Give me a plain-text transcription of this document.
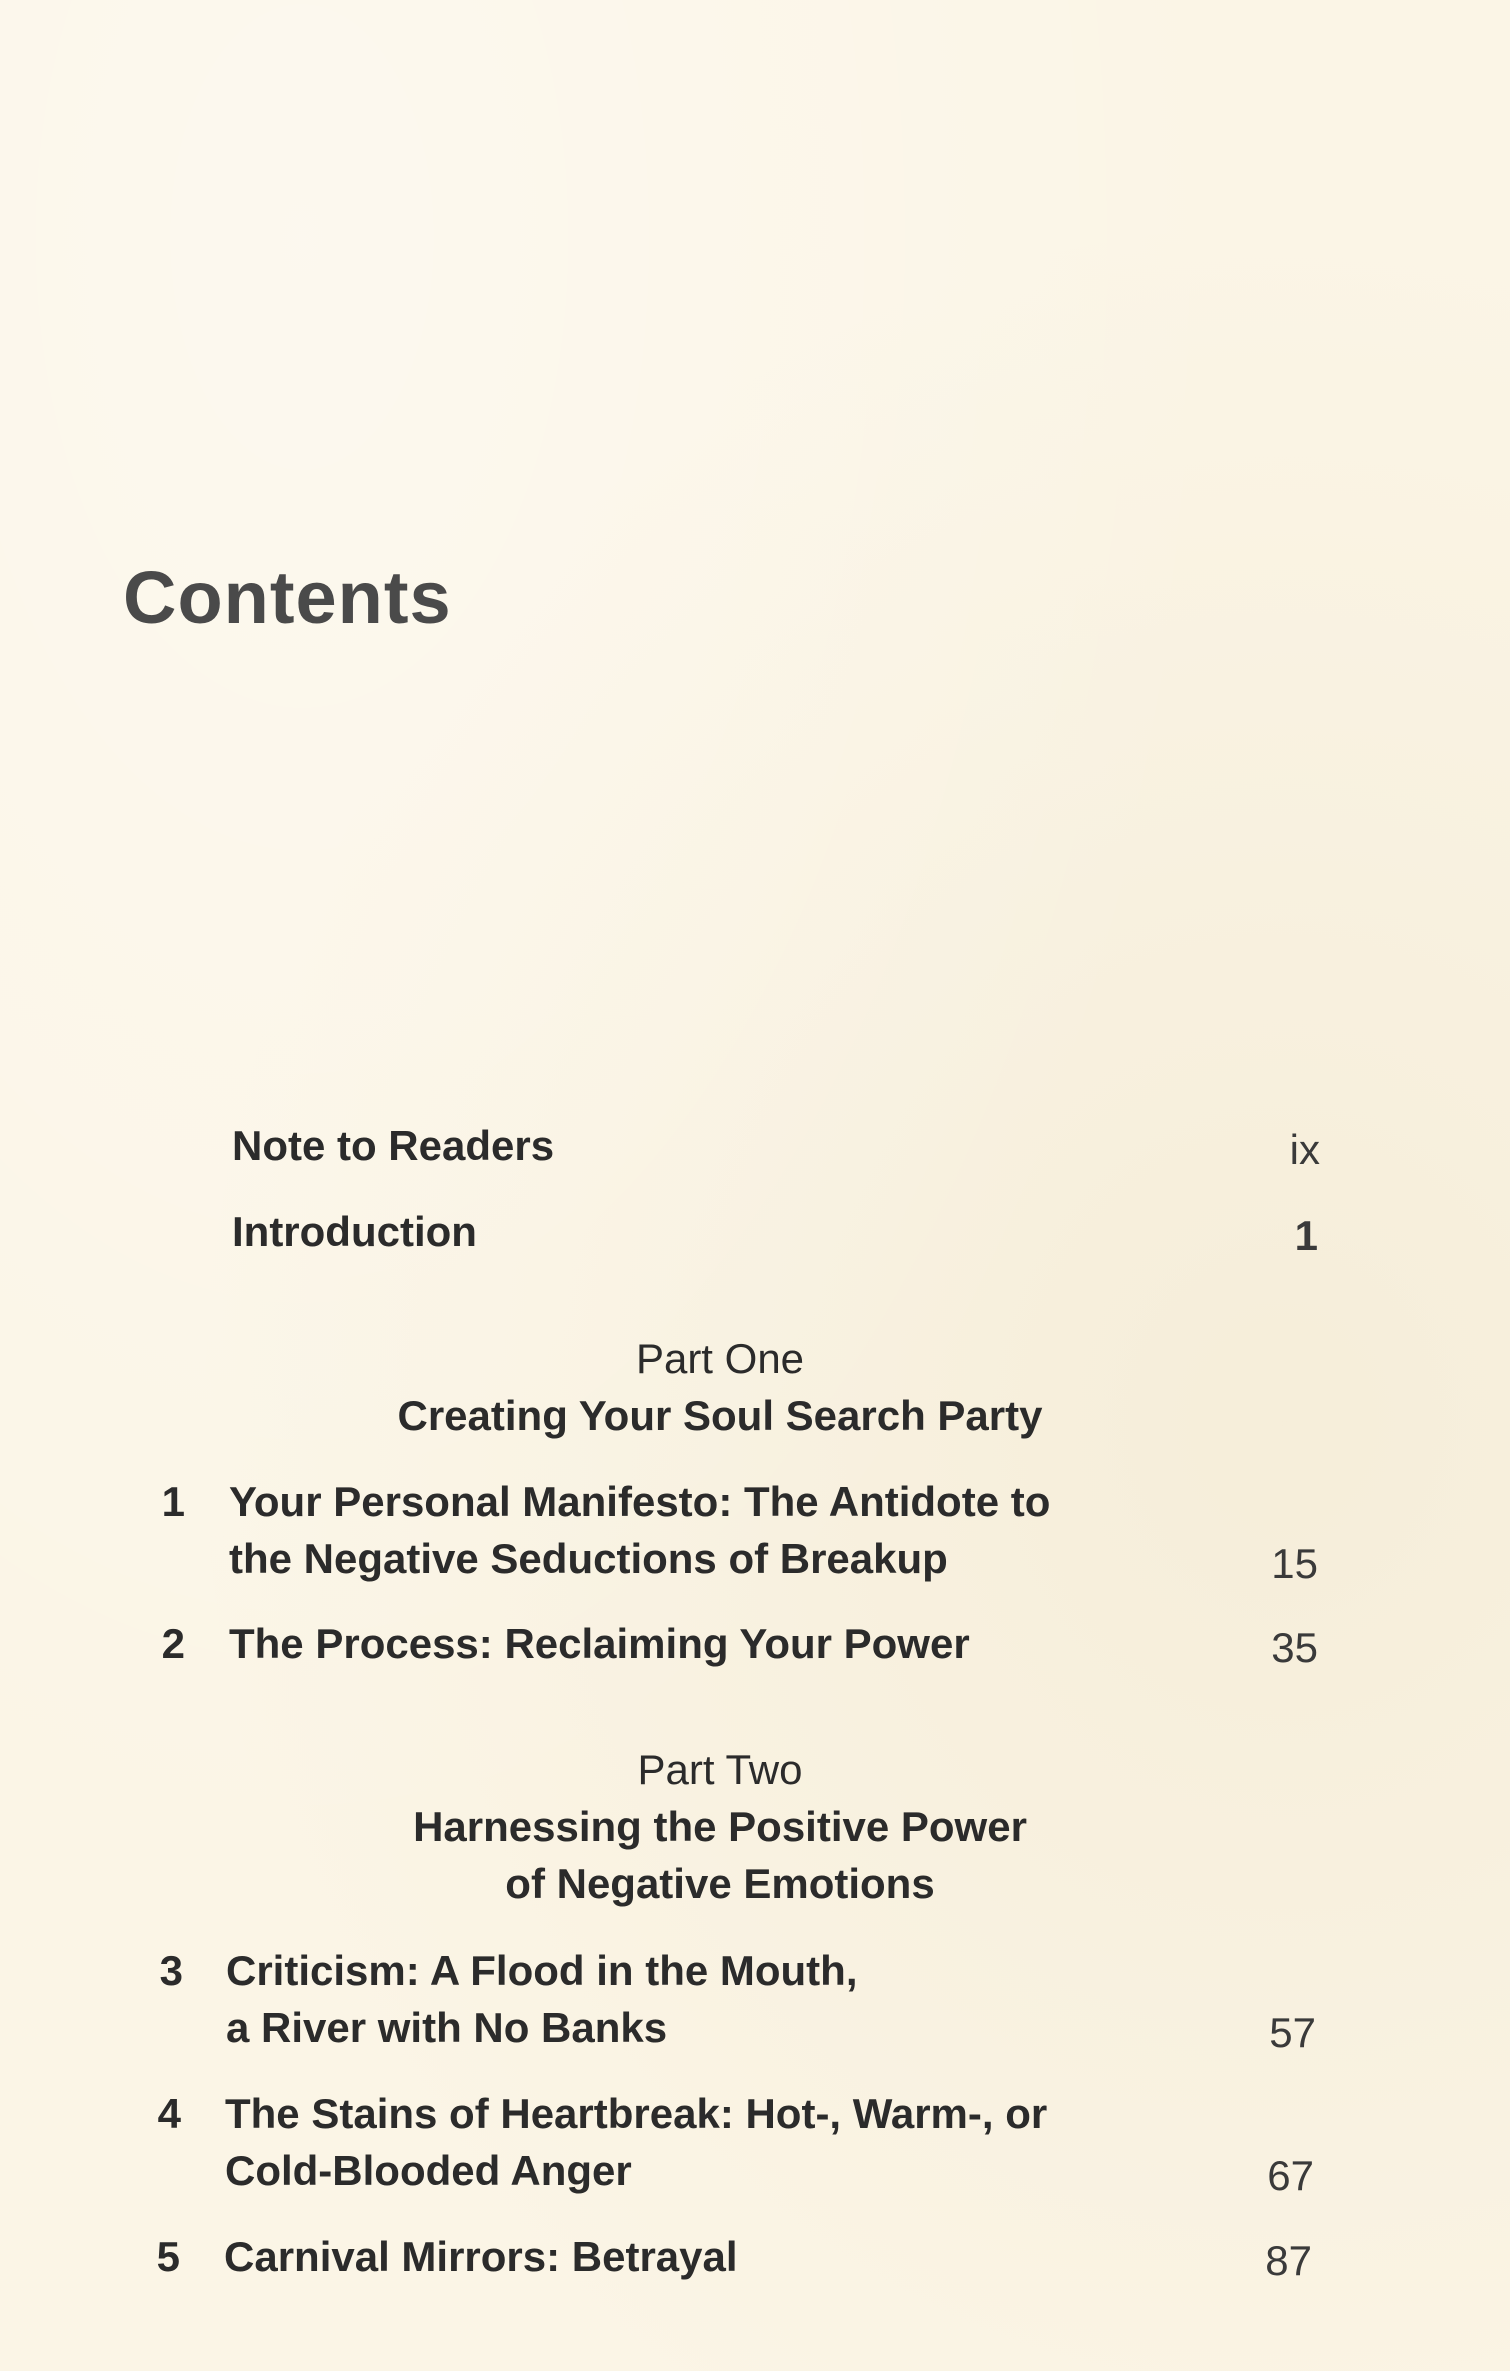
Contents
Note to Readers	ix
Introduction	1
Part One
Creating Your Soul Search Party
1 Your Personal Manifesto: The Antidote to
the Negative Seductions of Breakup	15
2 The Process: Reclaiming Your Power	35
Part Two
Harnessing the Positive Power
of Negative Emotions
3 Criticism: A Flood in the Mouth,
a River with No Banks	57
4 The Stains of Heartbreak: Hot-, Warm-, or
Cold-Blooded Anger	67
5 Carnival Mirrors: Betrayal	87
